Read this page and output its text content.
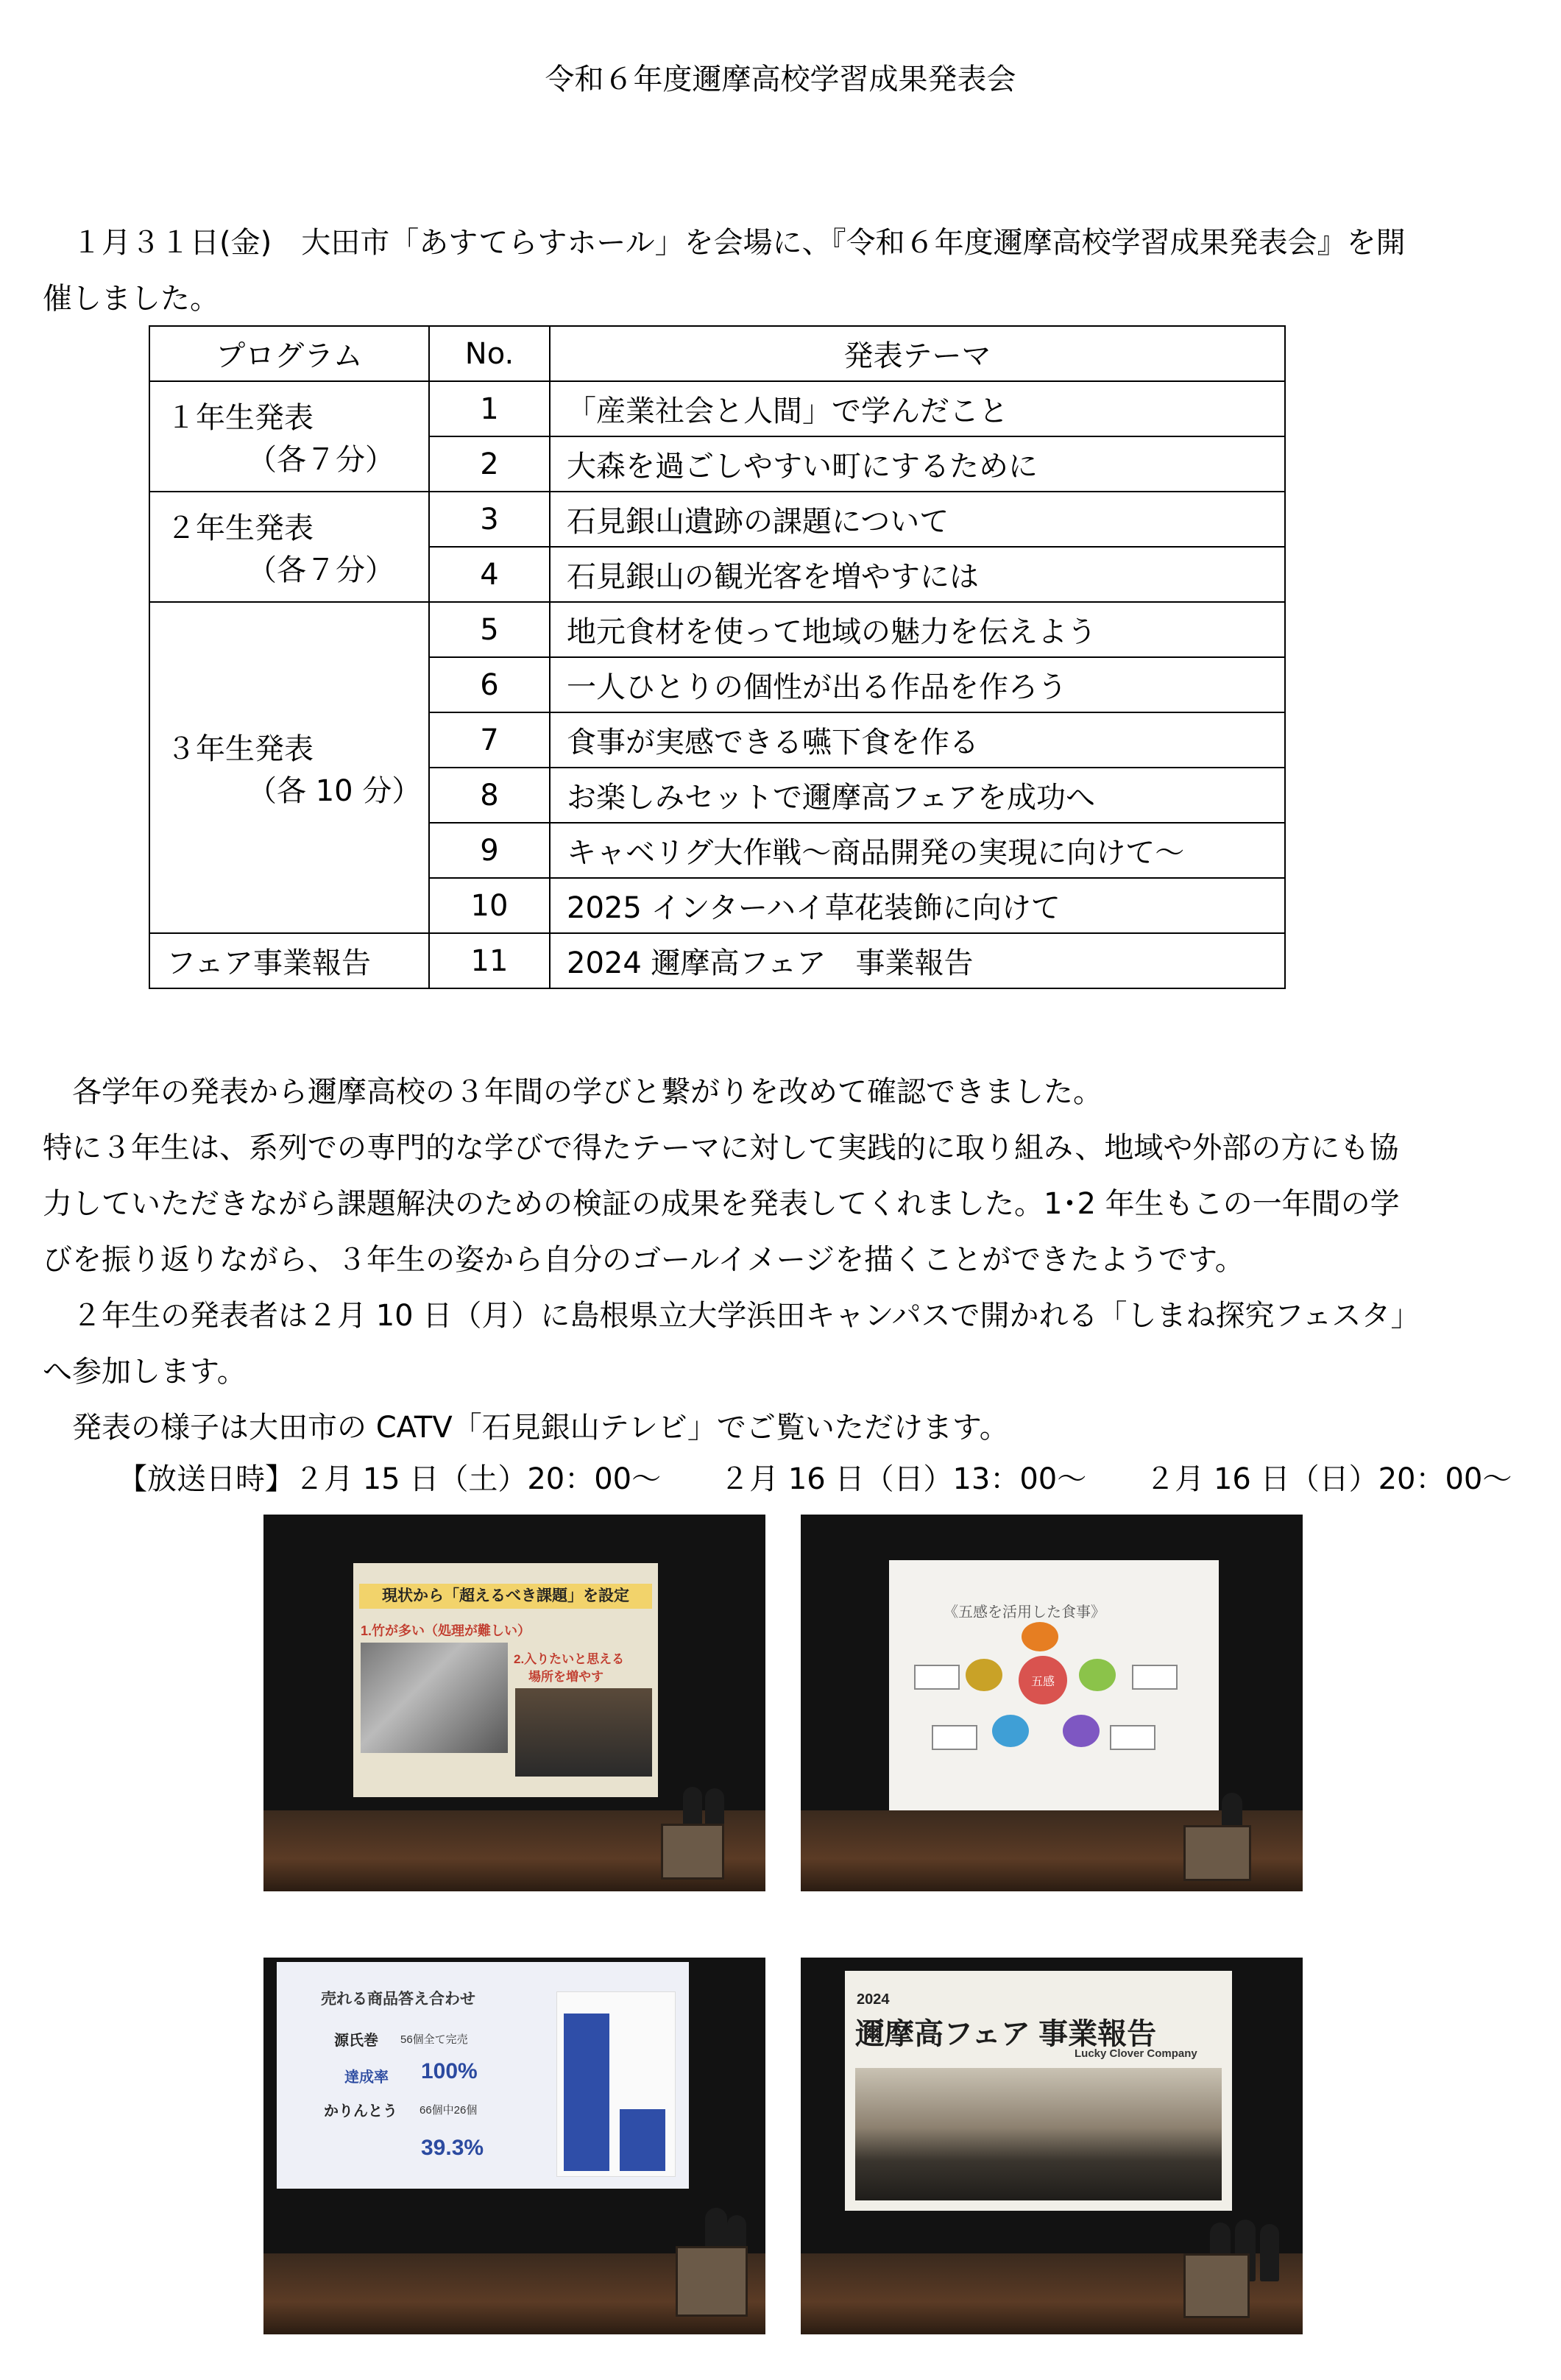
令和６年度邇摩高校学習成果発表会
１月３１日(金)　大田市「あすてらすホール」を会場に、『令和６年度邇摩高校学習成果発表会』を開
催しました。
プログラム	No.	発表テーマ

１年生発表
（各７分）	1	「産業社会と人間」で学んだこと
	2	大森を過ごしやすい町にするために

２年生発表
（各７分）	3	石見銀山遺跡の課題について
	4	石見銀山の観光客を増やすには

３年生発表
（各 10 分）	5	地元食材を使って地域の魅力を伝えよう
	6	一人ひとりの個性が出る作品を作ろう
	7	食事が実感できる嚥下食を作る
	8	お楽しみセットで邇摩高フェアを成功へ
	9	キャベリグ大作戦～商品開発の実現に向けて～
	10	2025 インターハイ草花装飾に向けて

フェア事業報告	11	2024 邇摩高フェア　事業報告
各学年の発表から邇摩高校の３年間の学びと繋がりを改めて確認できました。
特に３年生は、系列での専門的な学びで得たテーマに対して実践的に取り組み、地域や外部の方にも協
力していただきながら課題解決のための検証の成果を発表してくれました。1･2 年生もこの一年間の学
びを振り返りながら、３年生の姿から自分のゴールイメージを描くことができたようです。
２年生の発表者は２月 10 日（月）に島根県立大学浜田キャンパスで開かれる「しまね探究フェスタ」
へ参加します。
発表の様子は大田市の CATV「石見銀山テレビ」でご覧いただけます。
【放送日時】２月 15 日（土）20：00～　　２月 16 日（日）13：00～　　２月 16 日（日）20：00～
現状から「超えるべき課題」を設定
1.竹が多い（処理が難しい）
2.入りたいと思える
場所を増やす
《五感を活用した食事》
五感
売れる商品答え合わせ
源氏巻 56個全て完売
達成率 100%
かりんとう 66個中26個
39.3%
2024
邇摩高フェア 事業報告
Lucky Clover Company
